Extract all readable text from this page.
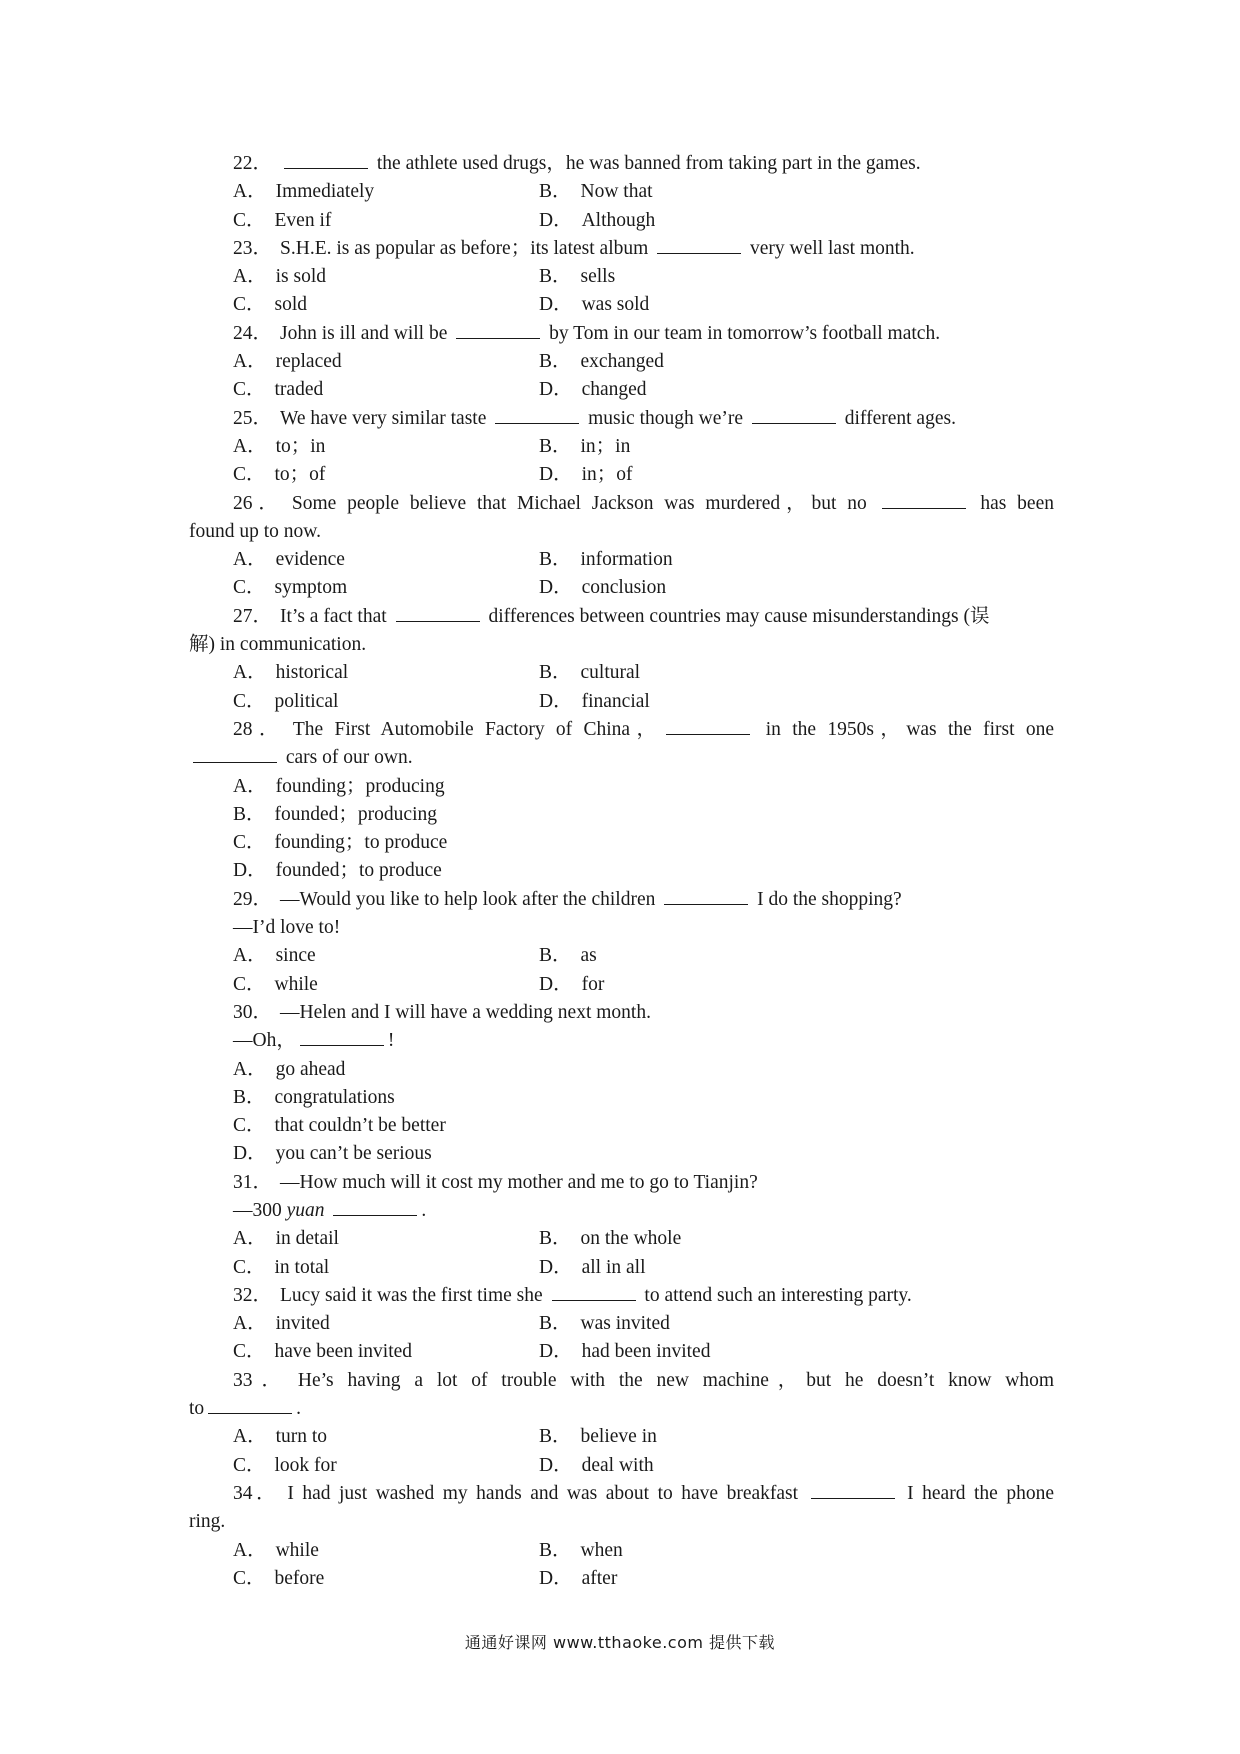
22．	the athlete used drugs，he was banned from taking part in the games.
A． Immediately	B． Now that
C． Even if	D． Although
23． S.H.E. is as popular as before；its latest album	very well last month.
A． is sold	B． sells
C． sold	D． was sold
24． John is ill and will be	by Tom in our team in tomorrow’s football match.
A． replaced	B． exchanged
C． traded	D． changed
25． We have very similar taste	music though we’re	different ages.
A． to；in	B． in；in
C． to；of	D． in；of
26． Some people believe that Michael Jackson was murdered，but no	has been
found up to now.
A． evidence	B． information
C． symptom	D． conclusion
27． It’s a fact that	differences between countries may cause misunderstandings (误
解) in communication.
A． historical	B． cultural
C． political	D． financial
28． The First Automobile Factory of China，	in the 1950s，was the first one
cars of our own.
A． founding；producing
B． founded；producing
C． founding；to produce
D． founded；to produce
29． —Would you like to help look after the children	I do the shopping?
—I’d love to!
A． since	B． as
C． while	D． for
30． —Helen and I will have a wedding next month.
—Oh，	!
A． go ahead
B． congratulations
C． that couldn’t be better
D． you can’t be serious
31． —How much will it cost my mother and me to go to Tianjin?
—300 yuan	.
A． in detail	B． on the whole
C． in total	D． all in all
32． Lucy said it was the first time she	to attend such an interesting party.
A． invited	B． was invited
C． have been invited	D． had been invited
33． He’s having a lot of trouble with the new machine，but he doesn’t know whom
to	.
A． turn to	B． believe in
C． look for	D． deal with
34． I had just washed my hands and was about to have breakfast	I heard the phone
ring.
A． while	B． when
C． before	D． after
通通好课网 www.tthaoke.com 提供下载
